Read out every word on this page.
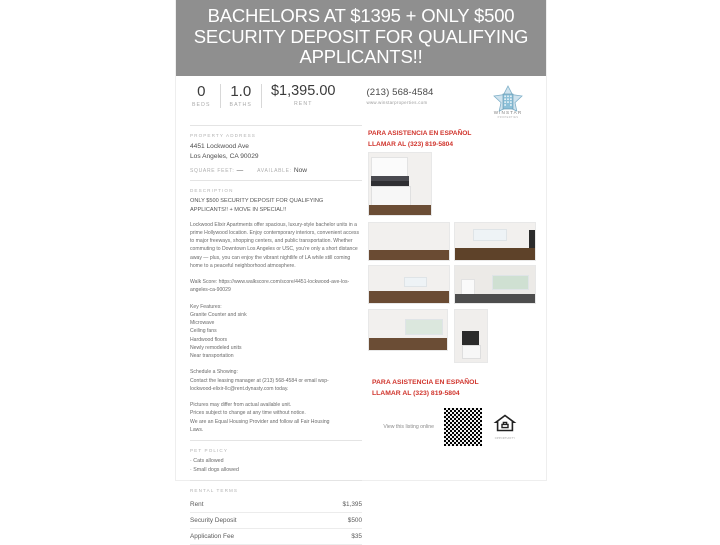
BACHELORS AT $1395 + ONLY $500 SECURITY DEPOSIT FOR QUALIFYING APPLICANTS!!
0
BEDS
1.0
BATHS
$1,395.00
RENT
(213) 568-4584
www.winstarproperties.com
WINSTAR
PROPERTIES
PROPERTY ADDRESS
4451 Lockwood Ave
Los Angeles, CA 90029
SQUARE FEET: —	AVAILABLE: Now
DESCRIPTION
ONLY $500 SECURITY DEPOSIT FOR QUALIFYING APPLICANTS!! + MOVE IN SPECIAL!!
Lockwood Elixir Apartments offer spacious, luxury-style bachelor units in a prime Hollywood location. Enjoy contemporary interiors, convenient access to major freeways, shopping centers, and public transportation. Whether commuting to Downtown Los Angeles or USC, you're only a short distance away — plus, you can enjoy the vibrant nightlife of LA while still coming home to a peaceful neighborhood atmosphere.
Walk Score: https://www.walkscore.com/score/4451-lockwood-ave-los-angeles-ca-90029
Key Features:
Granite Counter and sink
Microwave
Ceiling fans
Hardwood floors
Newly remodeled units
Near transportation
Schedule a Showing:
Contact the leasing manager at (213) 568-4584 or email wsp-
lockwood-elixir-llc@rent.dynasty.com today.
Pictures may differ from actual available unit.
Prices subject to change at any time without notice.
We are an Equal Housing Provider and follow all Fair Housing
Laws.
PET POLICY
· Cats allowed
· Small dogs allowed
RENTAL TERMS
Rent	$1,395
Security Deposit	$500
Application Fee	$35
PARA ASISTENCIA EN ESPAÑOL
LLAMAR AL (323) 819-5804
PARA ASISTENCIA EN ESPAÑOL
LLAMAR AL (323) 819-5804
View this listing online
OPPORTUNITY
